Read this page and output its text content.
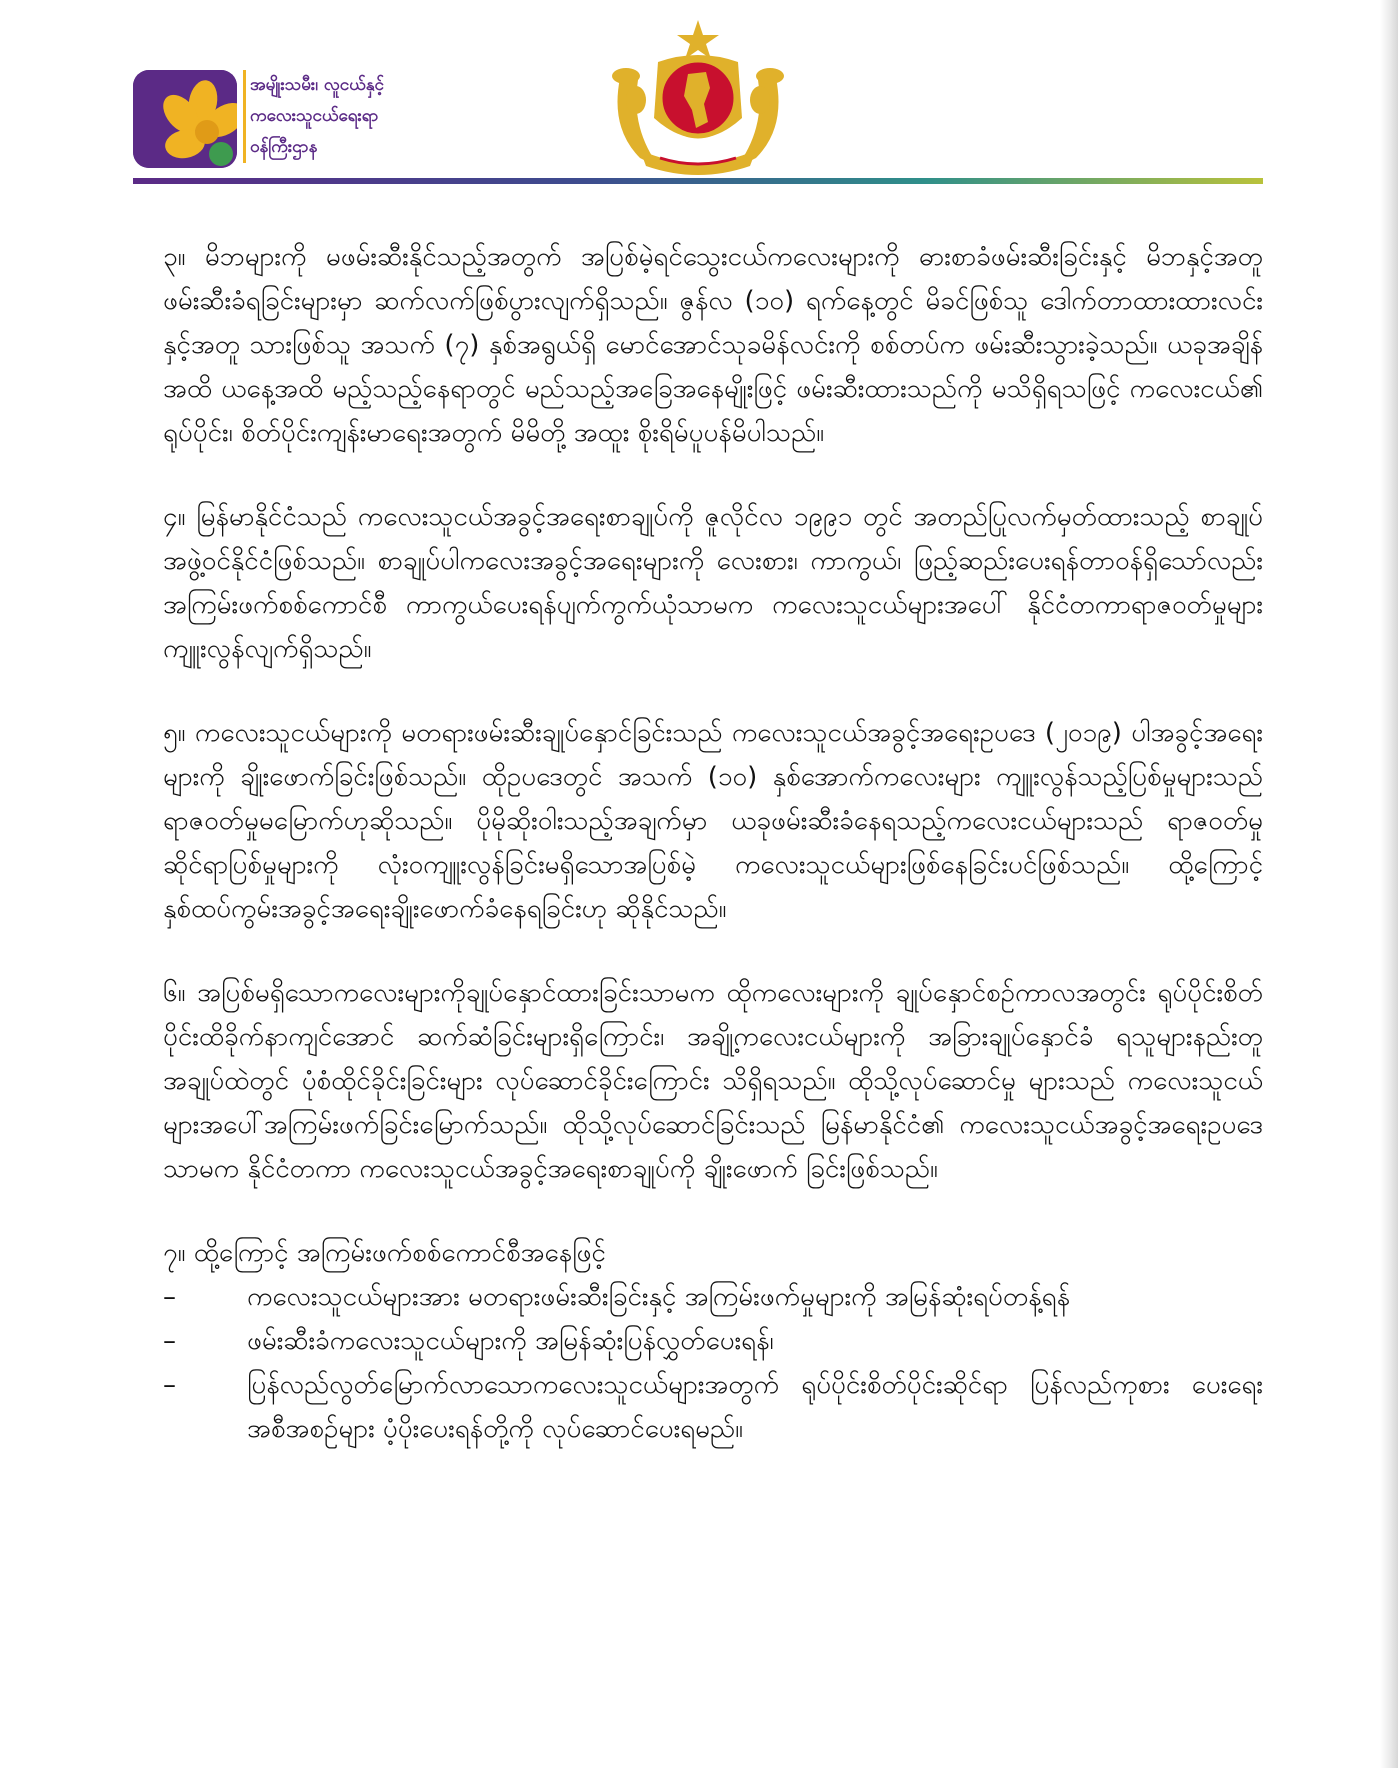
အမျိုးသမီး၊ လူငယ်နှင့်
ကလေးသူငယ်ရေးရာ
ဝန်ကြီးဌာန

၃။ မိဘများကို မဖမ်းဆီးနိုင်သည့်အတွက် အပြစ်မဲ့ရင်သွေးငယ်ကလေးများကို ဓားစာခံဖမ်းဆီးခြင်းနှင့် မိဘနှင့်အတူ ဖမ်းဆီးခံရခြင်းများမှာ ဆက်လက်ဖြစ်ပွားလျက်ရှိသည်။ ဇွန်လ (၁၀) ရက်နေ့တွင် မိခင်ဖြစ်သူ ဒေါက်တာထားထားလင်းနှင့်အတူ သားဖြစ်သူ အသက် (၇) နှစ်အရွယ်ရှိ မောင်အောင်သုခမိန်လင်းကို စစ်တပ်က ဖမ်းဆီးသွားခဲ့သည်။ ယခုအချိန်အထိ ယနေ့အထိ မည့်သည့်နေရာတွင် မည်သည့်အခြေအနေမျိုးဖြင့် ဖမ်းဆီးထားသည်ကို မသိရှိရသဖြင့် ကလေးငယ်၏ ရုပ်ပိုင်း၊ စိတ်ပိုင်းကျန်းမာရေးအတွက် မိမိတို့ အထူး စိုးရိမ်ပူပန်မိပါသည်။

၄။ မြန်မာနိုင်ငံသည် ကလေးသူငယ်အခွင့်အရေးစာချုပ်ကို ဇူလိုင်လ ၁၉၉၁ တွင် အတည်ပြုလက်မှတ်ထားသည့် စာချုပ်အဖွဲ့ဝင်နိုင်ငံဖြစ်သည်။ စာချုပ်ပါကလေးအခွင့်အရေးများကို လေးစား၊ ကာကွယ်၊ ဖြည့်ဆည်းပေးရန်တာဝန်ရှိသော်လည်း အကြမ်းဖက်စစ်ကောင်စီ ကာကွယ်ပေးရန်ပျက်ကွက်ယုံသာမက ကလေးသူငယ်များအပေါ် နိုင်ငံတကာရာဇဝတ်မှုများ ကျူးလွန်လျက်ရှိသည်။

၅။ ကလေးသူငယ်များကို မတရားဖမ်းဆီးချုပ်နှောင်ခြင်းသည် ကလေးသူငယ်အခွင့်အရေးဥပဒေ (၂၀၁၉) ပါအခွင့်အရေးများကို ချိုးဖောက်ခြင်းဖြစ်သည်။ ထိုဥပဒေတွင် အသက် (၁၀) နှစ်အောက်ကလေးများ ကျူးလွန်သည့်ပြစ်မှုများသည် ရာဇဝတ်မှုမမြောက်ဟုဆိုသည်။ ပိုမိုဆိုးဝါးသည့်အချက်မှာ ယခုဖမ်းဆီးခံနေရသည့်ကလေးငယ်များသည် ရာဇဝတ်မှုဆိုင်ရာပြစ်မှုများကို လုံးဝကျူးလွန်ခြင်းမရှိသောအပြစ်မဲ့ ကလေးသူငယ်များဖြစ်နေခြင်းပင်ဖြစ်သည်။ ထို့ကြောင့် နှစ်ထပ်ကွမ်းအခွင့်အရေးချိုးဖောက်ခံနေရခြင်းဟု ဆိုနိုင်သည်။

၆။ အပြစ်မရှိသောကလေးများကိုချုပ်နှောင်ထားခြင်းသာမက ထိုကလေးများကို ချုပ်နှောင်စဉ်ကာလအတွင်း ရုပ်ပိုင်းစိတ်ပိုင်းထိခိုက်နာကျင်အောင် ဆက်ဆံခြင်းများရှိကြောင်း၊ အချို့ကလေးငယ်များကို အခြားချုပ်နှောင်ခံ ရသူများနည်းတူ အချုပ်ထဲတွင် ပုံစံထိုင်ခိုင်းခြင်းများ လုပ်ဆောင်ခိုင်းကြောင်း သိရှိရသည်။ ထိုသို့လုပ်ဆောင်မှု များသည် ကလေးသူငယ်များအပေါ်အကြမ်းဖက်ခြင်းမြောက်သည်။ ထိုသို့လုပ်ဆောင်ခြင်းသည် မြန်မာနိုင်ငံ၏ ကလေးသူငယ်အခွင့်အရေးဥပဒေသာမက နိုင်ငံတကာ ကလေးသူငယ်အခွင့်အရေးစာချုပ်ကို ချိုးဖောက် ခြင်းဖြစ်သည်။

၇။ ထို့ကြောင့် အကြမ်းဖက်စစ်ကောင်စီအနေဖြင့်

–	ကလေးသူငယ်များအား မတရားဖမ်းဆီးခြင်းနှင့် အကြမ်းဖက်မှုများကို အမြန်ဆုံးရပ်တန့်ရန်
–	ဖမ်းဆီးခံကလေးသူငယ်များကို အမြန်ဆုံးပြန်လွှတ်ပေးရန်၊
–	ပြန်လည်လွတ်မြောက်လာသောကလေးသူငယ်များအတွက် ရုပ်ပိုင်းစိတ်ပိုင်းဆိုင်ရာ ပြန်လည်ကုစား ပေးရေးအစီအစဉ်များ ပံ့ပိုးပေးရန်တို့ကို လုပ်ဆောင်ပေးရမည်။
